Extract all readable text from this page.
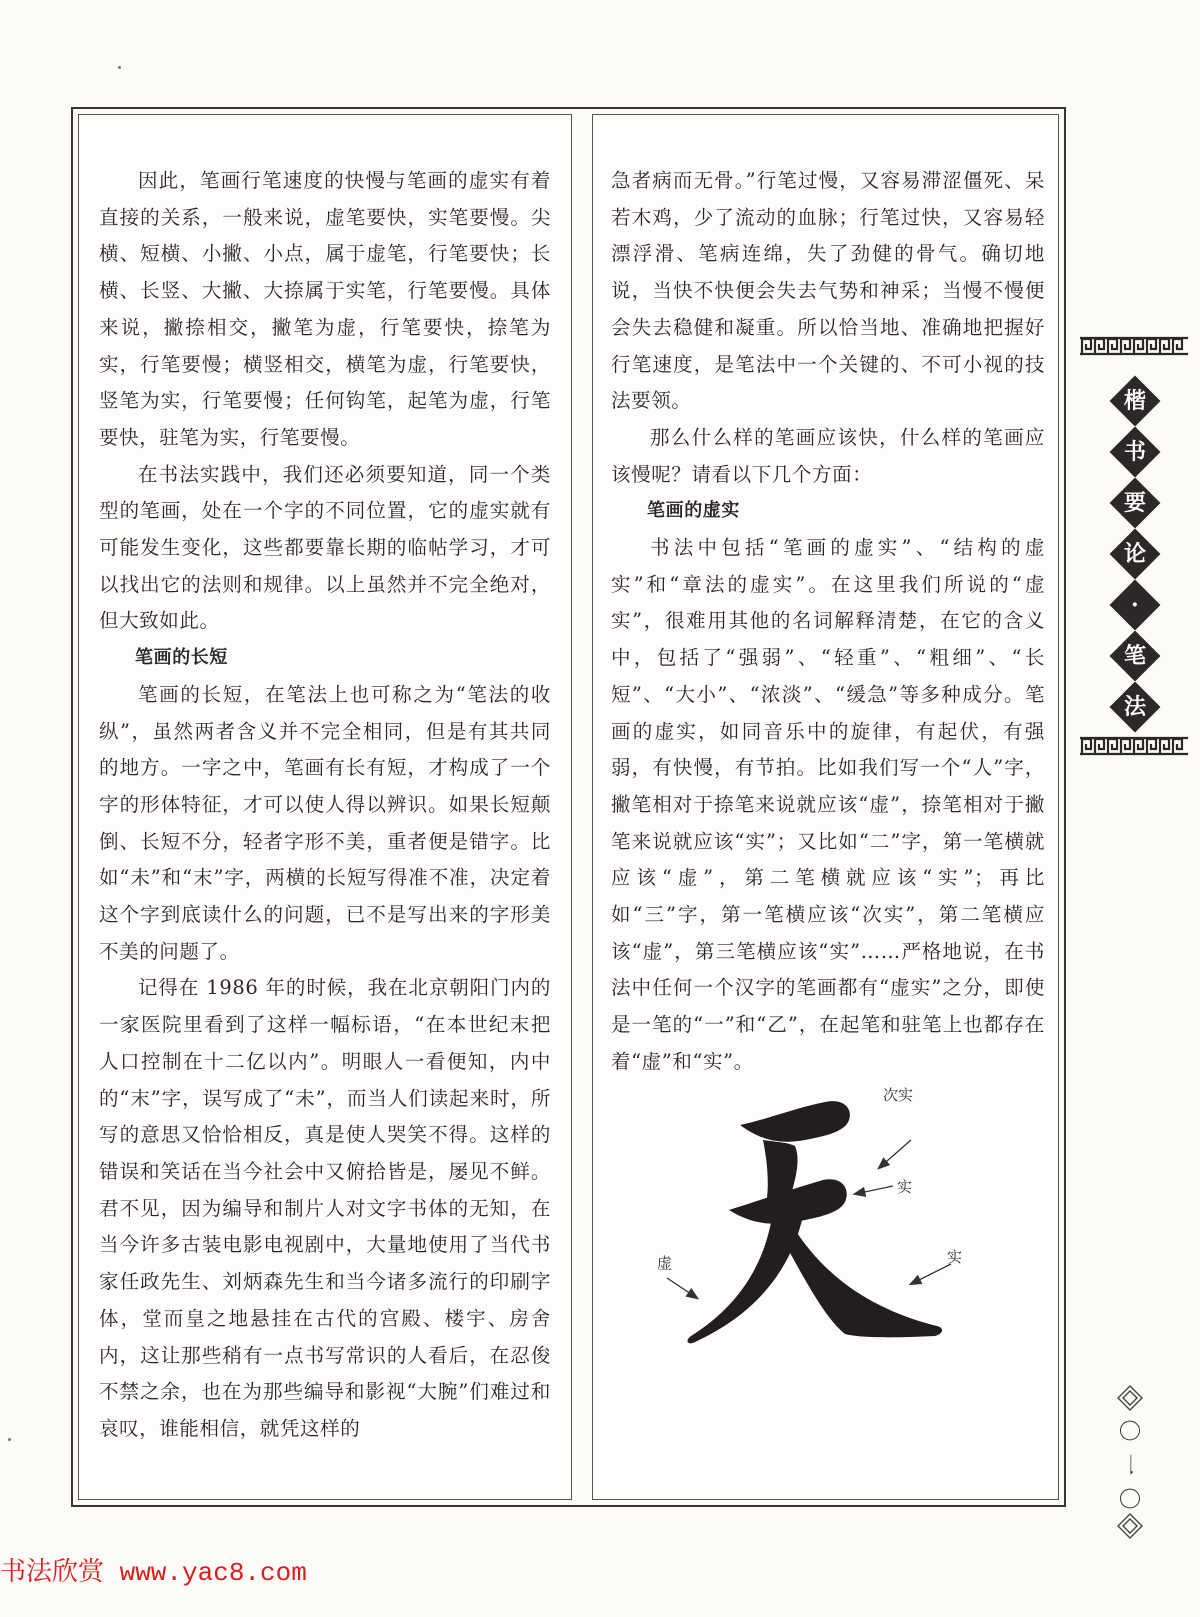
因此，笔画行笔速度的快慢与笔画的虚实有着直接的关系，一般来说，虚笔要快，实笔要慢。尖横、短横、小撇、小点，属于虚笔，行笔要快；长横、长竖、大撇、大捺属于实笔，行笔要慢。具体来说，撇捺相交，撇笔为虚，行笔要快，捺笔为实，行笔要慢；横竖相交，横笔为虚，行笔要快，竖笔为实，行笔要慢；任何钩笔，起笔为虚，行笔要快，驻笔为实，行笔要慢。

在书法实践中，我们还必须要知道，同一个类型的笔画，处在一个字的不同位置，它的虚实就有可能发生变化，这些都要靠长期的临帖学习，才可以找出它的法则和规律。以上虽然并不完全绝对，但大致如此。

笔画的长短

笔画的长短，在笔法上也可称之为“笔法的收纵”，虽然两者含义并不完全相同，但是有其共同的地方。一字之中，笔画有长有短，才构成了一个字的形体特征，才可以使人得以辨识。如果长短颠倒、长短不分，轻者字形不美，重者便是错字。比如“未”和“末”字，两横的长短写得准不准，决定着这个字到底读什么的问题，已不是写出来的字形美不美的问题了。

记得在 1986 年的时候，我在北京朝阳门内的一家医院里看到了这样一幅标语，“在本世纪末把人口控制在十二亿以内”。明眼人一看便知，内中的“末”字，误写成了“未”，而当人们读起来时，所写的意思又恰恰相反，真是使人哭笑不得。这样的错误和笑话在当今社会中又俯拾皆是，屡见不鲜。君不见，因为编导和制片人对文字书体的无知，在当今许多古装电影电视剧中，大量地使用了当代书家任政先生、刘炳森先生和当今诸多流行的印刷字体，堂而皇之地悬挂在古代的宫殿、楼宇、房舍内，这让那些稍有一点书写常识的人看后，在忍俊不禁之余，也在为那些编导和影视“大腕”们难过和哀叹，谁能相信，就凭这样的

急者病而无骨。”行笔过慢，又容易滞涩僵死、呆若木鸡，少了流动的血脉；行笔过快，又容易轻漂浮滑、笔病连绵，失了劲健的骨气。确切地说，当快不快便会失去气势和神采；当慢不慢便会失去稳健和凝重。所以恰当地、准确地把握好行笔速度，是笔法中一个关键的、不可小视的技法要领。

那么什么样的笔画应该快，什么样的笔画应该慢呢？请看以下几个方面：

笔画的虚实

书法中包括“笔画的虚实”、“结构的虚实”和“章法的虚实”。在这里我们所说的“虚实”，很难用其他的名词解释清楚，在它的含义中，包括了“强弱”、“轻重”、“粗细”、“长短”、“大小”、“浓淡”、“缓急”等多种成分。笔画的虚实，如同音乐中的旋律，有起伏，有强弱，有快慢，有节拍。比如我们写一个“人”字，撇笔相对于捺笔来说就应该“虚”，捺笔相对于撇笔来说就应该“实”；又比如“二”字，第一笔横就应该“虚”，第二笔横就应该“实”；再比如“三”字，第一笔横应该“次实”，第二笔横应该“虚”，第三笔横应该“实”……严格地说，在书法中任何一个汉字的笔画都有“虚实”之分，即使是一笔的“一”和“乙”，在起笔和驻笔上也都存在着“虚”和“实”。

次实
实
虚	实
楷
书
要
论
·
笔
法
〇
一
〇
书法欣赏 www.yac8.com
